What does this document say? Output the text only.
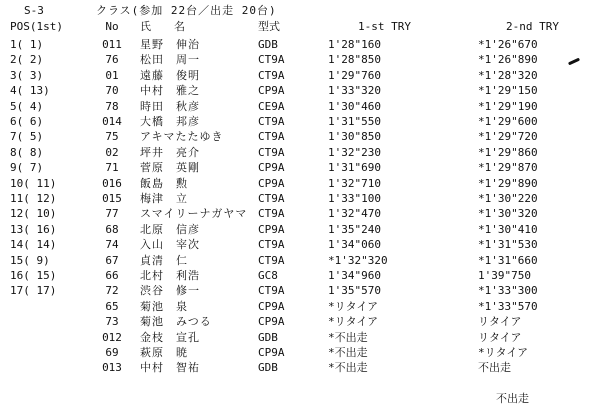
S-3	クラス(参加 22台／出走 20台)
POS(1st)	No	氏　名	型式	1-st TRY	2-nd TRY
1( 1)	011	星野　伸治	GDB	1'28"160	*1'26"670
2( 2)	76	松田　周一	CT9A	1'28"850	*1'26"890
3( 3)	01	遠藤　俊明	CT9A	1'29"760	*1'28"320
4( 13)	70	中村　雅之	CP9A	1'33"320	*1'29"150
5( 4)	78	時田　秋彦	CE9A	1'30"460	*1'29"190
6( 6)	014	大橋　邦彦	CT9A	1'31"550	*1'29"600
7( 5)	75	アキマたたゆき	CT9A	1'30"850	*1'29"720
8( 8)	02	坪井　亮介	CT9A	1'32"230	*1'29"860
9( 7)	71	菅原　英剛	CP9A	1'31"690	*1'29"870
10( 11)	016	飯島　勲	CP9A	1'32"710	*1'29"890
11( 12)	015	梅津　立	CT9A	1'33"100	*1'30"220
12( 10)	77	スマイリーナガヤマ CT9A	1'32"470	*1'30"320
13( 16)	68	北原　信彦	CP9A	1'35"240	*1'30"410
14( 14)	74	入山　宰次	CT9A	1'34"060	*1'31"530
15( 9)	67	貞清　仁	CT9A	*1'32"320	*1'31"660
16( 15)	66	北村　利浩	GC8	1'34"960	1'39"750
17( 17)	72	渋谷　修一	CT9A	1'35"570	*1'33"300
65	菊池　泉	CP9A	*リタイア	*1'33"570
73	菊池　みつる	CP9A	*リタイア	リタイア
012	金枝　宣孔	GDB	*不出走	リタイア
69	萩原　暁	CP9A	*不出走	*リタイア
013	中村　智祐	GDB	*不出走	不出走
不出走
